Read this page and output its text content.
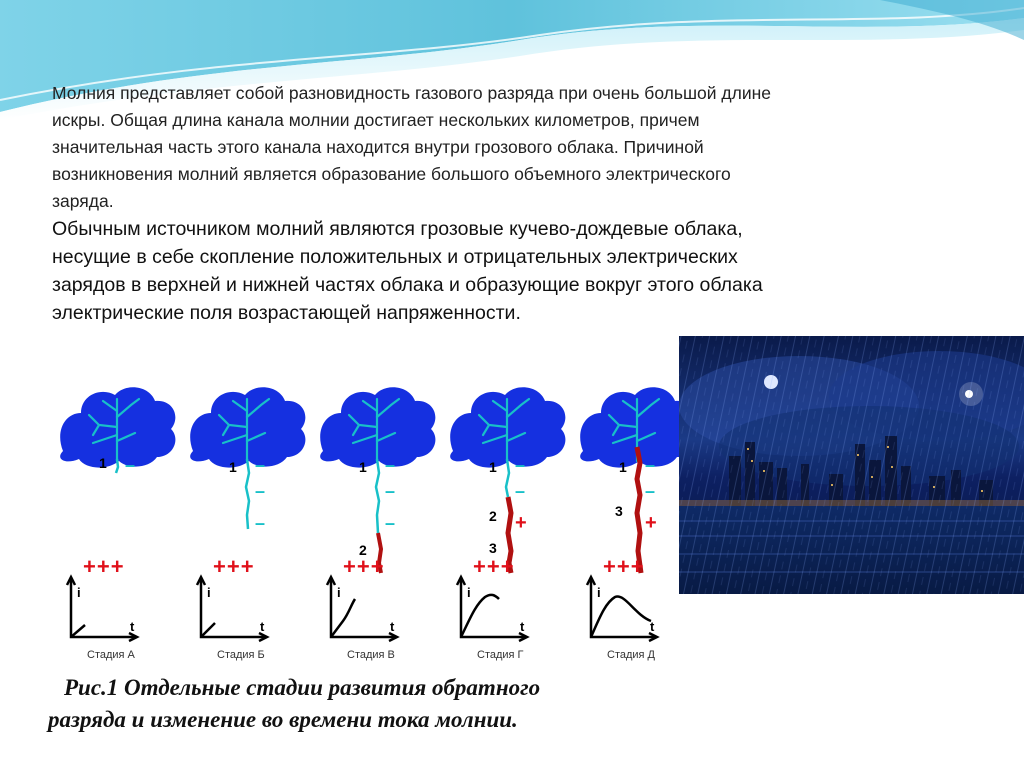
Молния представляет собой разновидность газового разряда при очень большой длине искры. Общая длина канала молнии достигает нескольких километров, причем значительная часть этого канала находится внутри грозового облака. Причиной возникновения молний является образование большого объемного электрического заряда.

Обычным источником молний являются грозовые кучево-дождевые облака, несущие в себе скопление положительных и отрицательных электрических зарядов в верхней и нижней частях облака и образующие вокруг этого облака электрические поля возрастающей напряженности.

1 –
+++
i
t
Стадия А
1 –
–
–
+++
i
t
Стадия Б
1
2
–
–
–
+++
i
t
Стадия В
1
2
3
–
–
+
+++
i
t
Стадия Г
1
3
–
–
+
+++
i
t
Стадия Д

Рис.1 Отдельные стадии развития обратного
разряда и изменение во времени тока молнии.
